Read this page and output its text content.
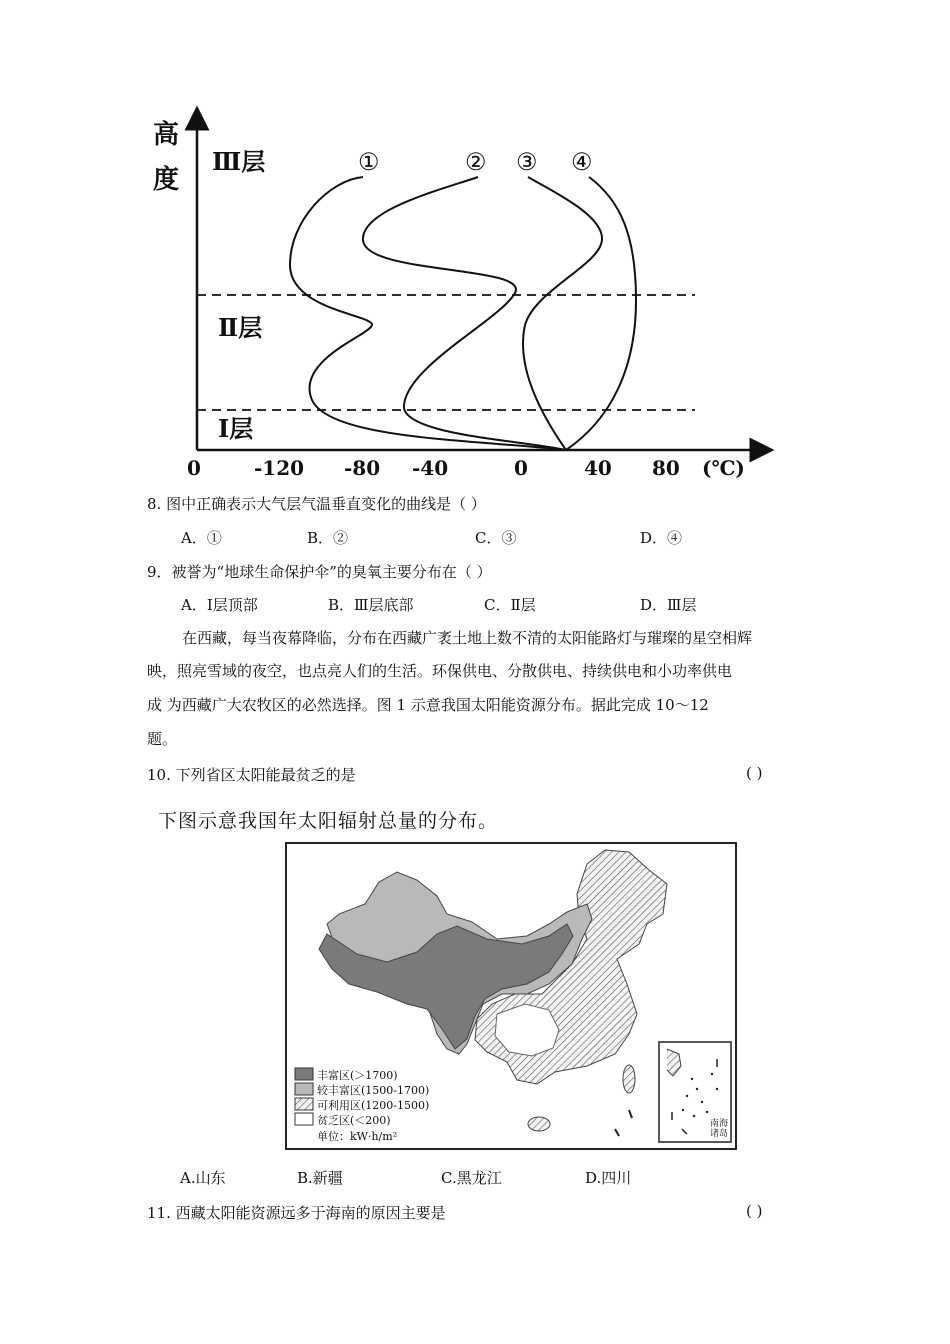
高
度
Ⅲ层
Ⅱ层
Ⅰ层
①	② ③ ④
0	-120 -80 -40	0	40 80 (℃)
8. 图中正确表示大气层气温垂直变化的曲线是（ ）
A．①	B．②	C．③	D．④
9．被誉为“地球生命保护伞”的臭氧主要分布在（ ）
A．Ⅰ层顶部	B．Ⅲ层底部	C．Ⅱ层	D．Ⅲ层
在西藏，每当夜幕降临，分布在西藏广袤土地上数不清的太阳能路灯与璀璨的星空相辉
映，照亮雪域的夜空，也点亮人们的生活。环保供电、分散供电、持续供电和小功率供电
成 为西藏广大农牧区的必然选择。图 1 示意我国太阳能资源分布。据此完成 10～12
题。
10. 下列省区太阳能最贫乏的是	( )
下图示意我国年太阳辐射总量的分布。
丰富区(＞1700)
较丰富区(1500-1700)
可利用区(1200-1500)
贫乏区(＜200)
单位：kW·h/m²
南海
诸岛
A.山东	B.新疆	C.黑龙江	D.四川
11. 西藏太阳能资源远多于海南的原因主要是	( )
